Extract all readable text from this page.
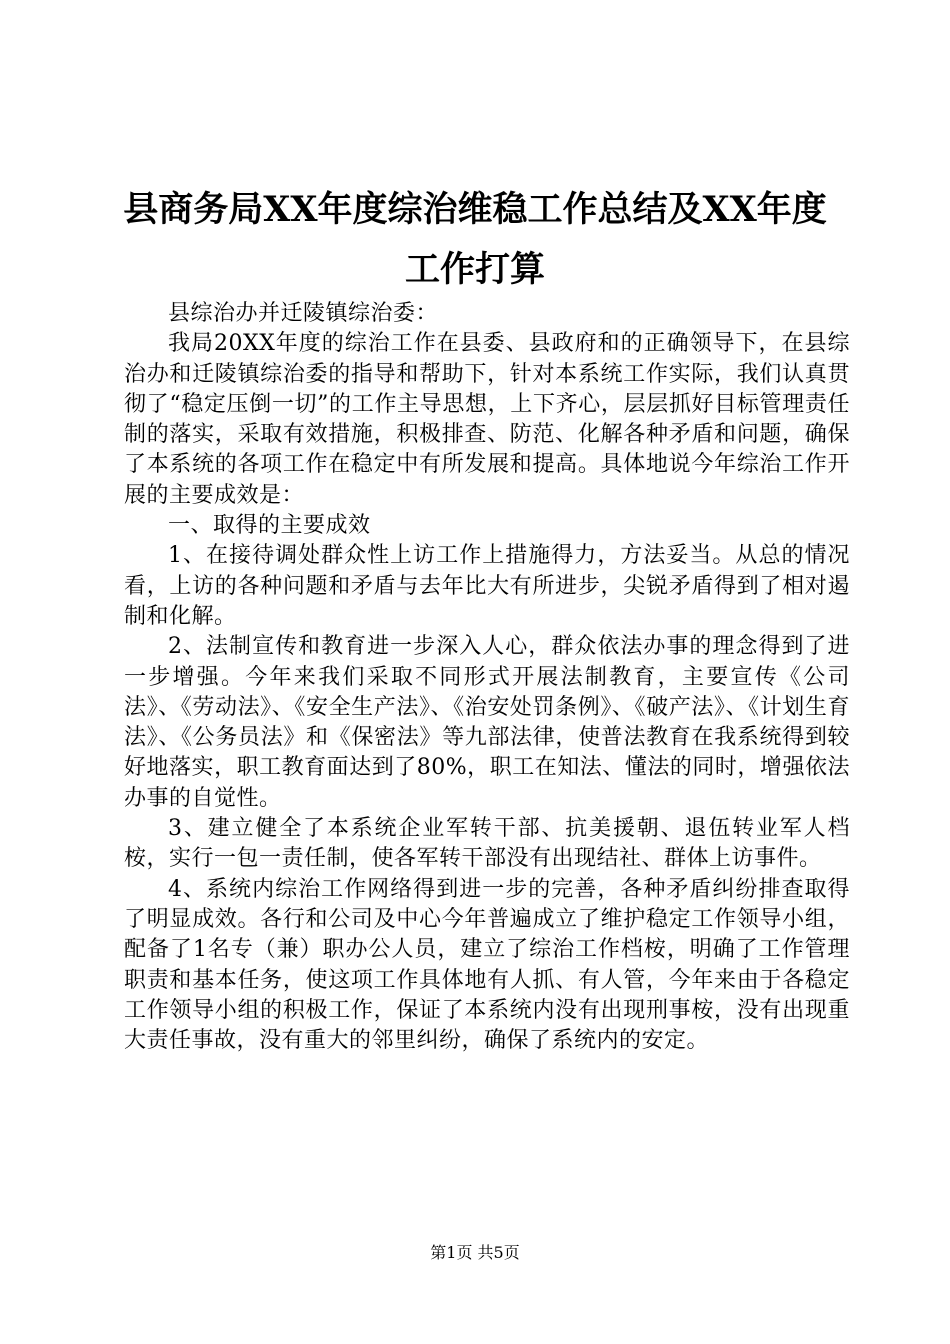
县商务局XX年度综治维稳工作总结及XX年度
工作打算

县综治办并迁陵镇综治委：

我局20XX年度的综治工作在县委、县政府和的正确领导下，在县综治办和迁陵镇综治委的指导和帮助下，针对本系统工作实际，我们认真贯彻了“稳定压倒一切”的工作主导思想，上下齐心，层层抓好目标管理责任制的落实，采取有效措施，积极排查、防范、化解各种矛盾和问题，确保了本系统的各项工作在稳定中有所发展和提高。具体地说今年综治工作开展的主要成效是：

一、取得的主要成效

1、在接待调处群众性上访工作上措施得力，方法妥当。从总的情况看，上访的各种问题和矛盾与去年比大有所进步，尖锐矛盾得到了相对遏制和化解。

2、法制宣传和教育进一步深入人心，群众依法办事的理念得到了进一步增强。今年来我们采取不同形式开展法制教育，主要宣传《公司法》、《劳动法》、《安全生产法》、《治安处罚条例》、《破产法》、《计划生育法》、《公务员法》和《保密法》等九部法律，使普法教育在我系统得到较好地落实，职工教育面达到了80%，职工在知法、懂法的同时，增强依法办事的自觉性。

3、建立健全了本系统企业军转干部、抗美援朝、退伍转业军人档桉，实行一包一责任制，使各军转干部没有出现结社、群体上访事件。

4、系统内综治工作网络得到进一步的完善，各种矛盾纠纷排查取得了明显成效。各行和公司及中心今年普遍成立了维护稳定工作领导小组，配备了1名专（兼）职办公人员，建立了综治工作档桉，明确了工作管理职责和基本任务，使这项工作具体地有人抓、有人管，今年来由于各稳定工作领导小组的积极工作，保证了本系统内没有出现刑事桉，没有出现重大责任事故，没有重大的邻里纠纷，确保了系统内的安定。

第1页 共5页
